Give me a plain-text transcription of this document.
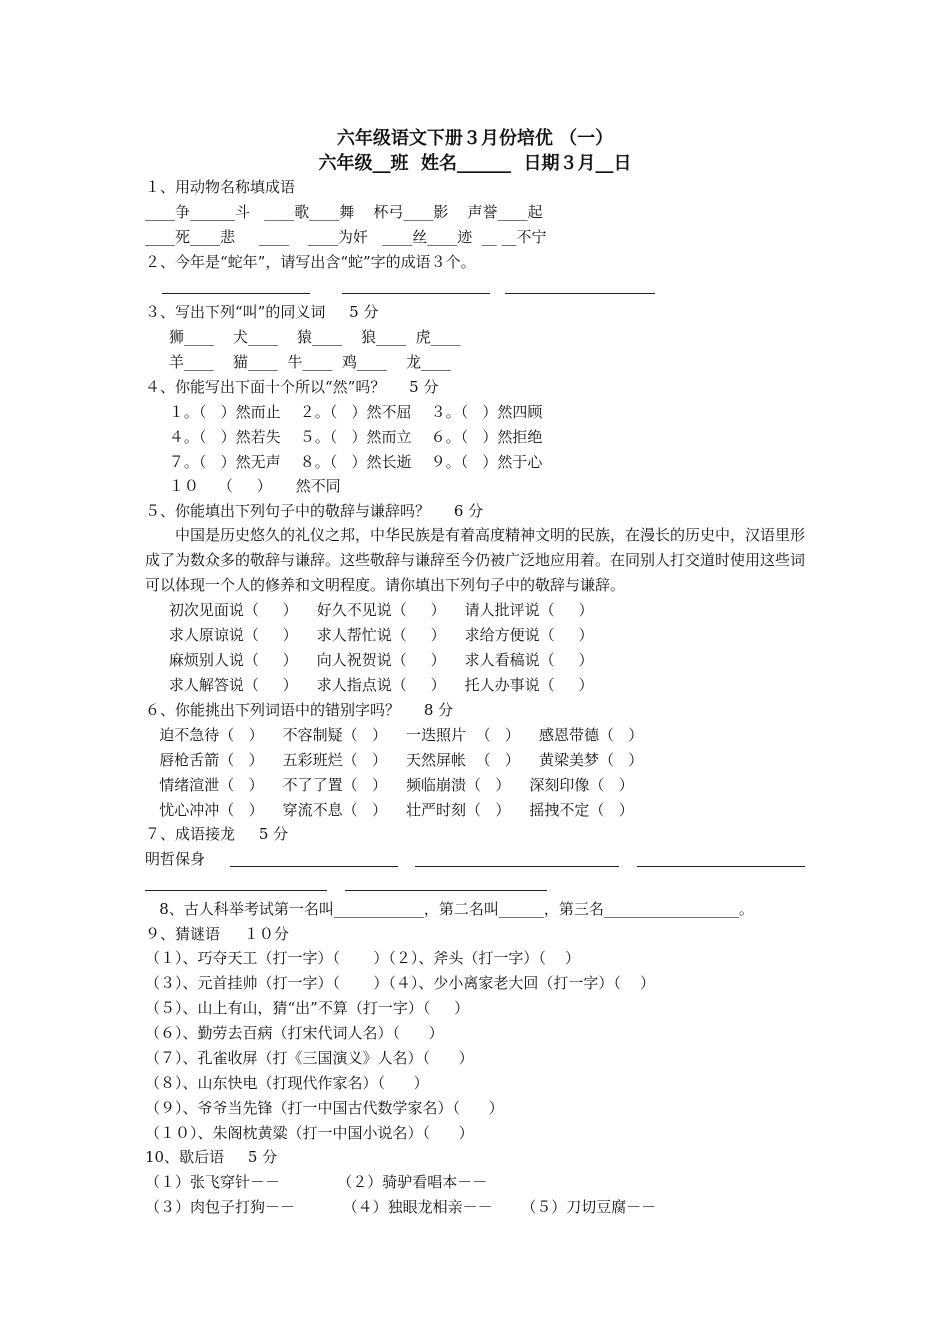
六年级语文下册３月份培优 （一）
六年级__班  姓名______  日期３月__日
１、用动物名称填成语
____争______斗   ____歌____舞    杯弓____影    声誉____起
____死____悲     ____    ____为奸   ____丝____迹  __ __不宁
２、今年是“蛇年”，请写出含“蛇”字的成语３个。
３、写出下列“叫”的同义词     5 分
狮____    犬____    猿____    狼____  虎____
羊____    猫____  牛____  鸡____    龙____
４、你能写出下面十个所以“然”吗？     5 分
１。（   ）然而止    ２。（   ）然不屈    ３。（   ）然四顾
４。（   ）然若失    ５。（   ）然而立    ６。（   ）然拒绝
７。（   ）然无声    ８。（   ）然长逝    ９。（   ）然于心
１０    （     ）     然不同
５、你能填出下列句子中的敬辞与谦辞吗？     6 分
中国是历史悠久的礼仪之邦，中华民族是有着高度精神文明的民族，在漫长的历史中，汉语里形成了为数众多的敬辞与谦辞。这些敬辞与谦辞至今仍被广泛地应用着。在同别人打交道时使用这些词可以体现一个人的修养和文明程度。请你填出下列句子中的敬辞与谦辞。
初次见面说（     ）    好久不见说（     ）    请人批评说（     ）
求人原谅说（     ）    求人帮忙说（     ）    求给方便说（     ）
麻烦别人说（     ）    向人祝贺说（     ）    求人看稿说（     ）
求人解答说（     ）    求人指点说（     ）    托人办事说（     ）
６、你能挑出下列词语中的错别字吗？     8 分
迫不急待（   ）    不容制疑（   ）    一迭照片  （   ）    感恩带德（   ）
唇枪舌箭（   ）    五彩班烂（   ）    天然屏帐  （   ）    黄梁美梦（   ）
情绪渲泄（   ）    不了了置（   ）    频临崩溃（   ）    深刻印像（   ）
忧心冲冲（   ）    穿流不息（   ）    壮严时刻（   ）    摇拽不定（   ）
７、成语接龙     5 分
明哲保身
8、古人科举考试第一名叫____________，第二名叫______，第三名__________________。
９、猜谜语     １０分
（１）、巧夺天工（打一字）（       ）（２）、斧头（打一字）（    ）
（３）、元首挂帅（打一字）（       ）（４）、少小离家老大回（打一字）（    ）
（５）、山上有山，猜“出”不算（打一字）（     ）
（６）、勤劳去百病（打宋代词人名）（      ）
（７）、孔雀收屏（打《三国演义》人名）（      ）
（８）、山东快电（打现代作家名）（      ）
（９）、爷爷当先锋（打一中国古代数学家名）（      ）
（１０）、朱阁枕黄粱（打一中国小说名）（      ）
10、歇后语     5 分
（１）张飞穿针－－            （２）骑驴看唱本－－
（３）肉包子打狗－－          （４）独眼龙相亲－－      （５）刀切豆腐－－
